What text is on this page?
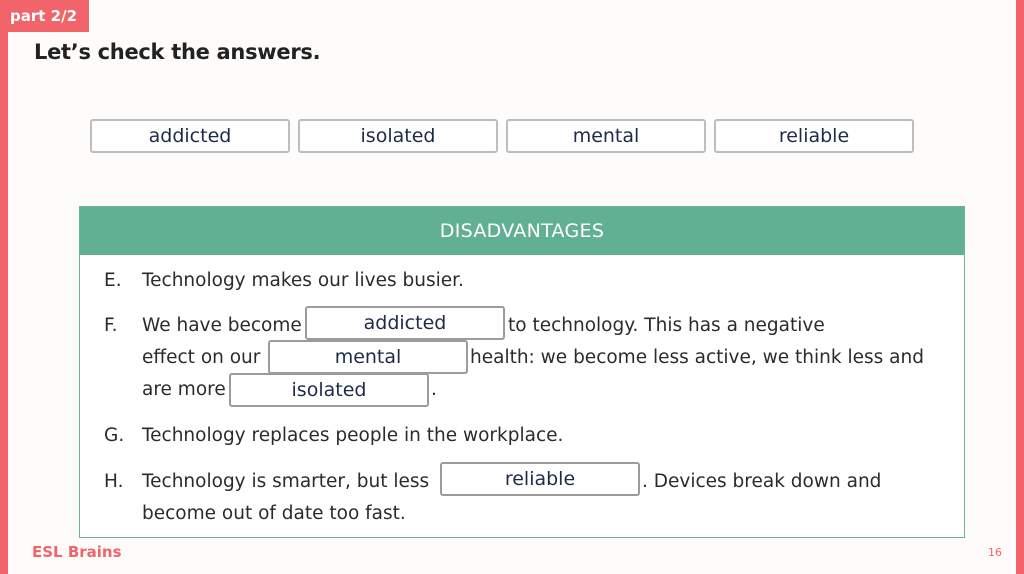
part 2/2
Let’s check the answers.
addicted	isolated	mental	reliable
DISADVANTAGES
E. Technology makes our lives busier.
F. We have become	addicted	to technology. This has a negative
effect on our	mental	health: we become less active, we think less and
are more	isolated	.
G. Technology replaces people in the workplace.
H. Technology is smarter, but less	reliable	. Devices break down and
become out of date too fast.
ESL Brains	16
